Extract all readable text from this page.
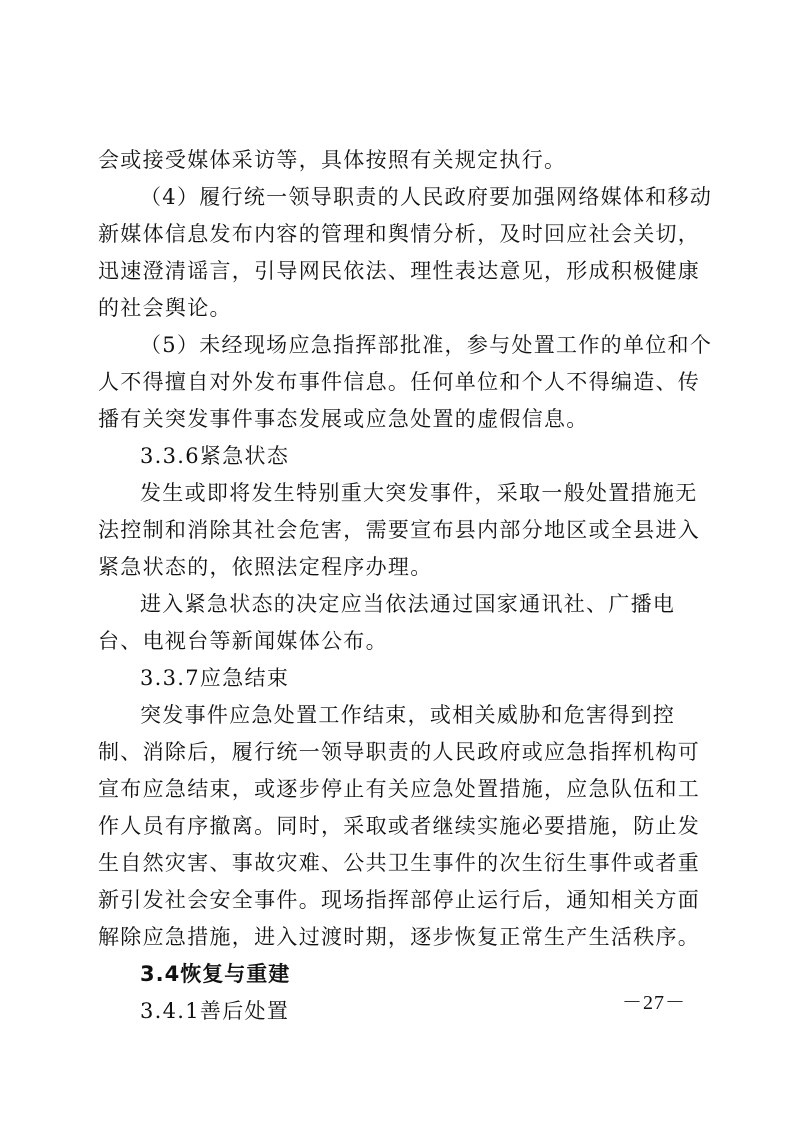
会或接受媒体采访等，具体按照有关规定执行。
（4）履行统一领导职责的人民政府要加强网络媒体和移动
新媒体信息发布内容的管理和舆情分析，及时回应社会关切，
迅速澄清谣言，引导网民依法、理性表达意见，形成积极健康
的社会舆论。
（5）未经现场应急指挥部批准，参与处置工作的单位和个
人不得擅自对外发布事件信息。任何单位和个人不得编造、传
播有关突发事件事态发展或应急处置的虚假信息。
3.3.6紧急状态
发生或即将发生特别重大突发事件，采取一般处置措施无
法控制和消除其社会危害，需要宣布县内部分地区或全县进入
紧急状态的，依照法定程序办理。
进入紧急状态的决定应当依法通过国家通讯社、广播电
台、电视台等新闻媒体公布。
3.3.7应急结束
突发事件应急处置工作结束，或相关威胁和危害得到控
制、消除后，履行统一领导职责的人民政府或应急指挥机构可
宣布应急结束，或逐步停止有关应急处置措施，应急队伍和工
作人员有序撤离。同时，采取或者继续实施必要措施，防止发
生自然灾害、事故灾难、公共卫生事件的次生衍生事件或者重
新引发社会安全事件。现场指挥部停止运行后，通知相关方面
解除应急措施，进入过渡时期，逐步恢复正常生产生活秩序。
3.4恢复与重建
3.4.1善后处置	－27－
